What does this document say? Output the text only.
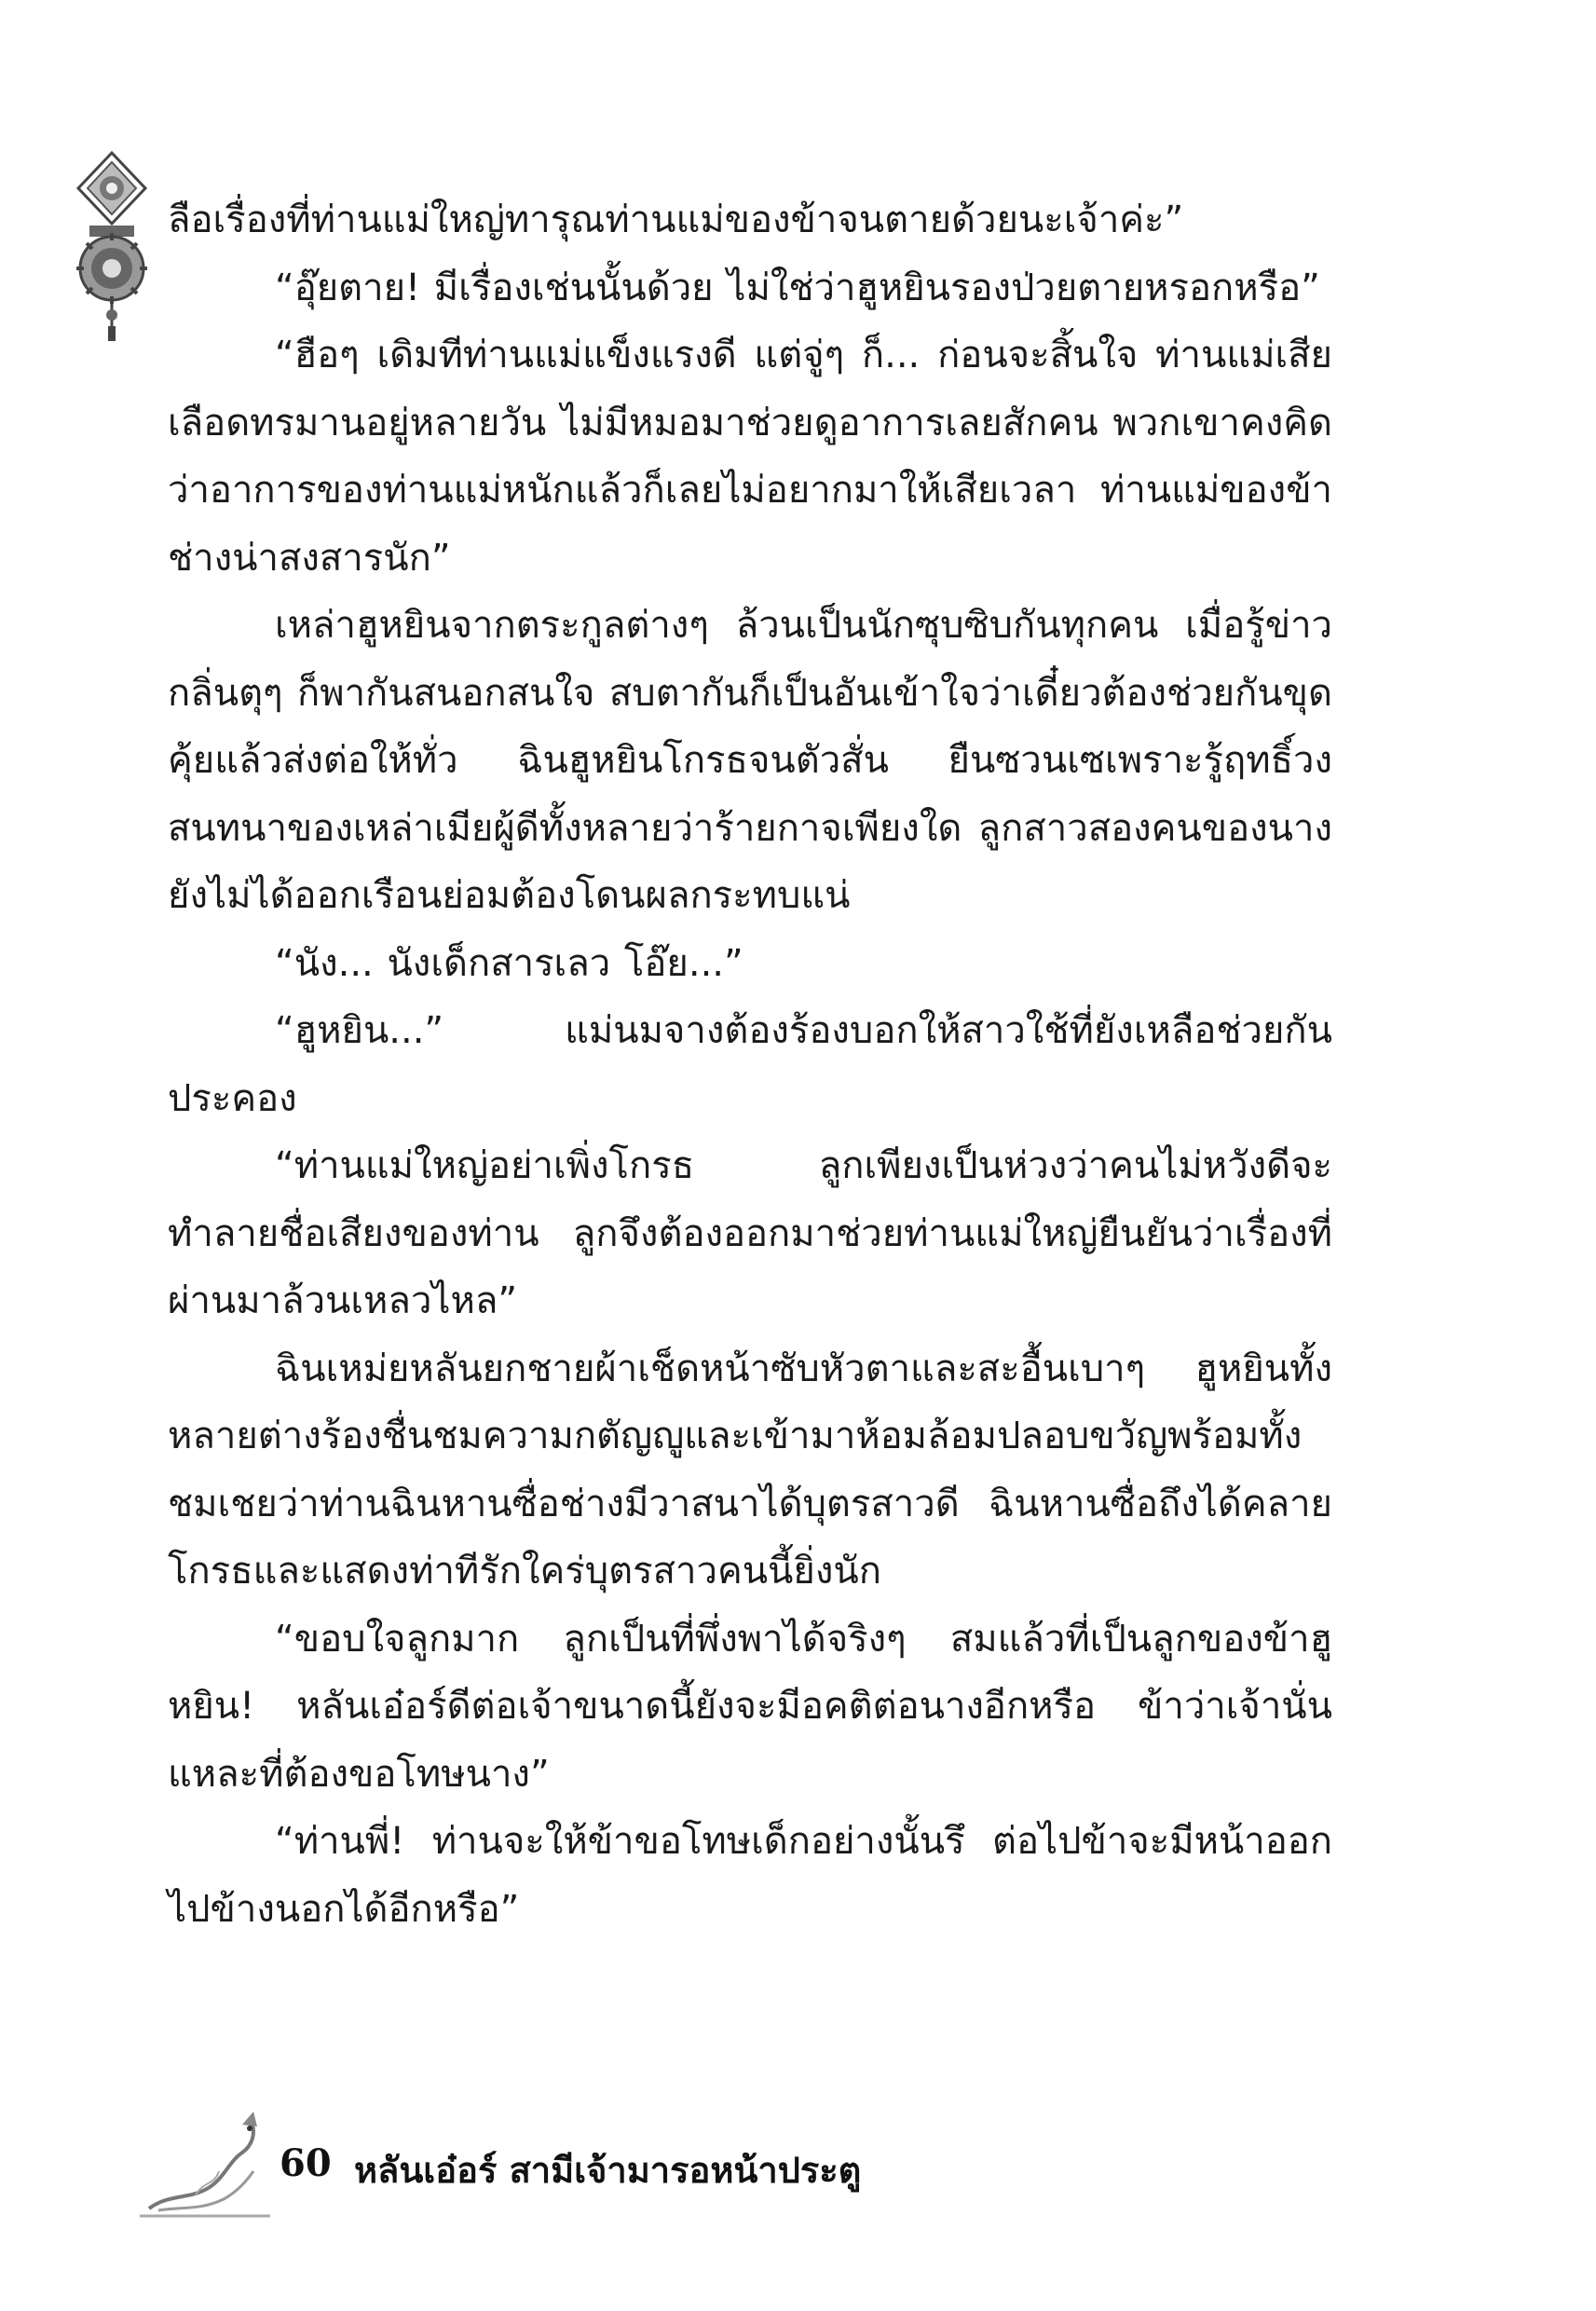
ลือเรื่องที่ท่านแม่ใหญ่ทารุณท่านแม่ของข้าจนตายด้วยนะเจ้าค่ะ”

“อุ๊ยตาย! มีเรื่องเช่นนั้นด้วย ไม่ใช่ว่าฮูหยินรองป่วยตายหรอกหรือ”

“ฮือๆ เดิมทีท่านแม่แข็งแรงดี แต่จู่ๆ ก็... ก่อนจะสิ้นใจ ท่านแม่เสียเลือดทรมานอยู่หลายวัน ไม่มีหมอมาช่วยดูอาการเลยสักคน พวกเขาคงคิดว่าอาการของท่านแม่หนักแล้วก็เลยไม่อยากมาให้เสียเวลา ท่านแม่ของข้าช่างน่าสงสารนัก”

เหล่าฮูหยินจากตระกูลต่างๆ ล้วนเป็นนักซุบซิบกันทุกคน เมื่อรู้ข่าวกลิ่นตุๆ ก็พากันสนอกสนใจ สบตากันก็เป็นอันเข้าใจว่าเดี๋ยวต้องช่วยกันขุดคุ้ยแล้วส่งต่อให้ทั่ว ฉินฮูหยินโกรธจนตัวสั่น ยืนซวนเซเพราะรู้ฤทธิ์วงสนทนาของเหล่าเมียผู้ดีทั้งหลายว่าร้ายกาจเพียงใด ลูกสาวสองคนของนางยังไม่ได้ออกเรือนย่อมต้องโดนผลกระทบแน่

“นัง... นังเด็กสารเลว โอ๊ย...”

“ฮูหยิน...” แม่นมจางต้องร้องบอกให้สาวใช้ที่ยังเหลือช่วยกันประคอง

“ท่านแม่ใหญ่อย่าเพิ่งโกรธ ลูกเพียงเป็นห่วงว่าคนไม่หวังดีจะทำลายชื่อเสียงของท่าน ลูกจึงต้องออกมาช่วยท่านแม่ใหญ่ยืนยันว่าเรื่องที่ผ่านมาล้วนเหลวไหล”

ฉินเหม่ยหลันยกชายผ้าเช็ดหน้าซับหัวตาและสะอื้นเบาๆ ฮูหยินทั้งหลายต่างร้องชื่นชมความกตัญญูและเข้ามาห้อมล้อมปลอบขวัญพร้อมทั้งชมเชยว่าท่านฉินหานซื่อช่างมีวาสนาได้บุตรสาวดี ฉินหานซื่อถึงได้คลายโกรธและแสดงท่าทีรักใคร่บุตรสาวคนนี้ยิ่งนัก

“ขอบใจลูกมาก ลูกเป็นที่พึ่งพาได้จริงๆ สมแล้วที่เป็นลูกของข้าฮูหยิน! หลันเอ๋อร์ดีต่อเจ้าขนาดนี้ยังจะมีอคติต่อนางอีกหรือ ข้าว่าเจ้านั่นแหละที่ต้องขอโทษนาง”

“ท่านพี่! ท่านจะให้ข้าขอโทษเด็กอย่างนั้นรึ ต่อไปข้าจะมีหน้าออกไปข้างนอกได้อีกหรือ”

60 หลันเอ๋อร์ สามีเจ้ามารอหน้าประตู
